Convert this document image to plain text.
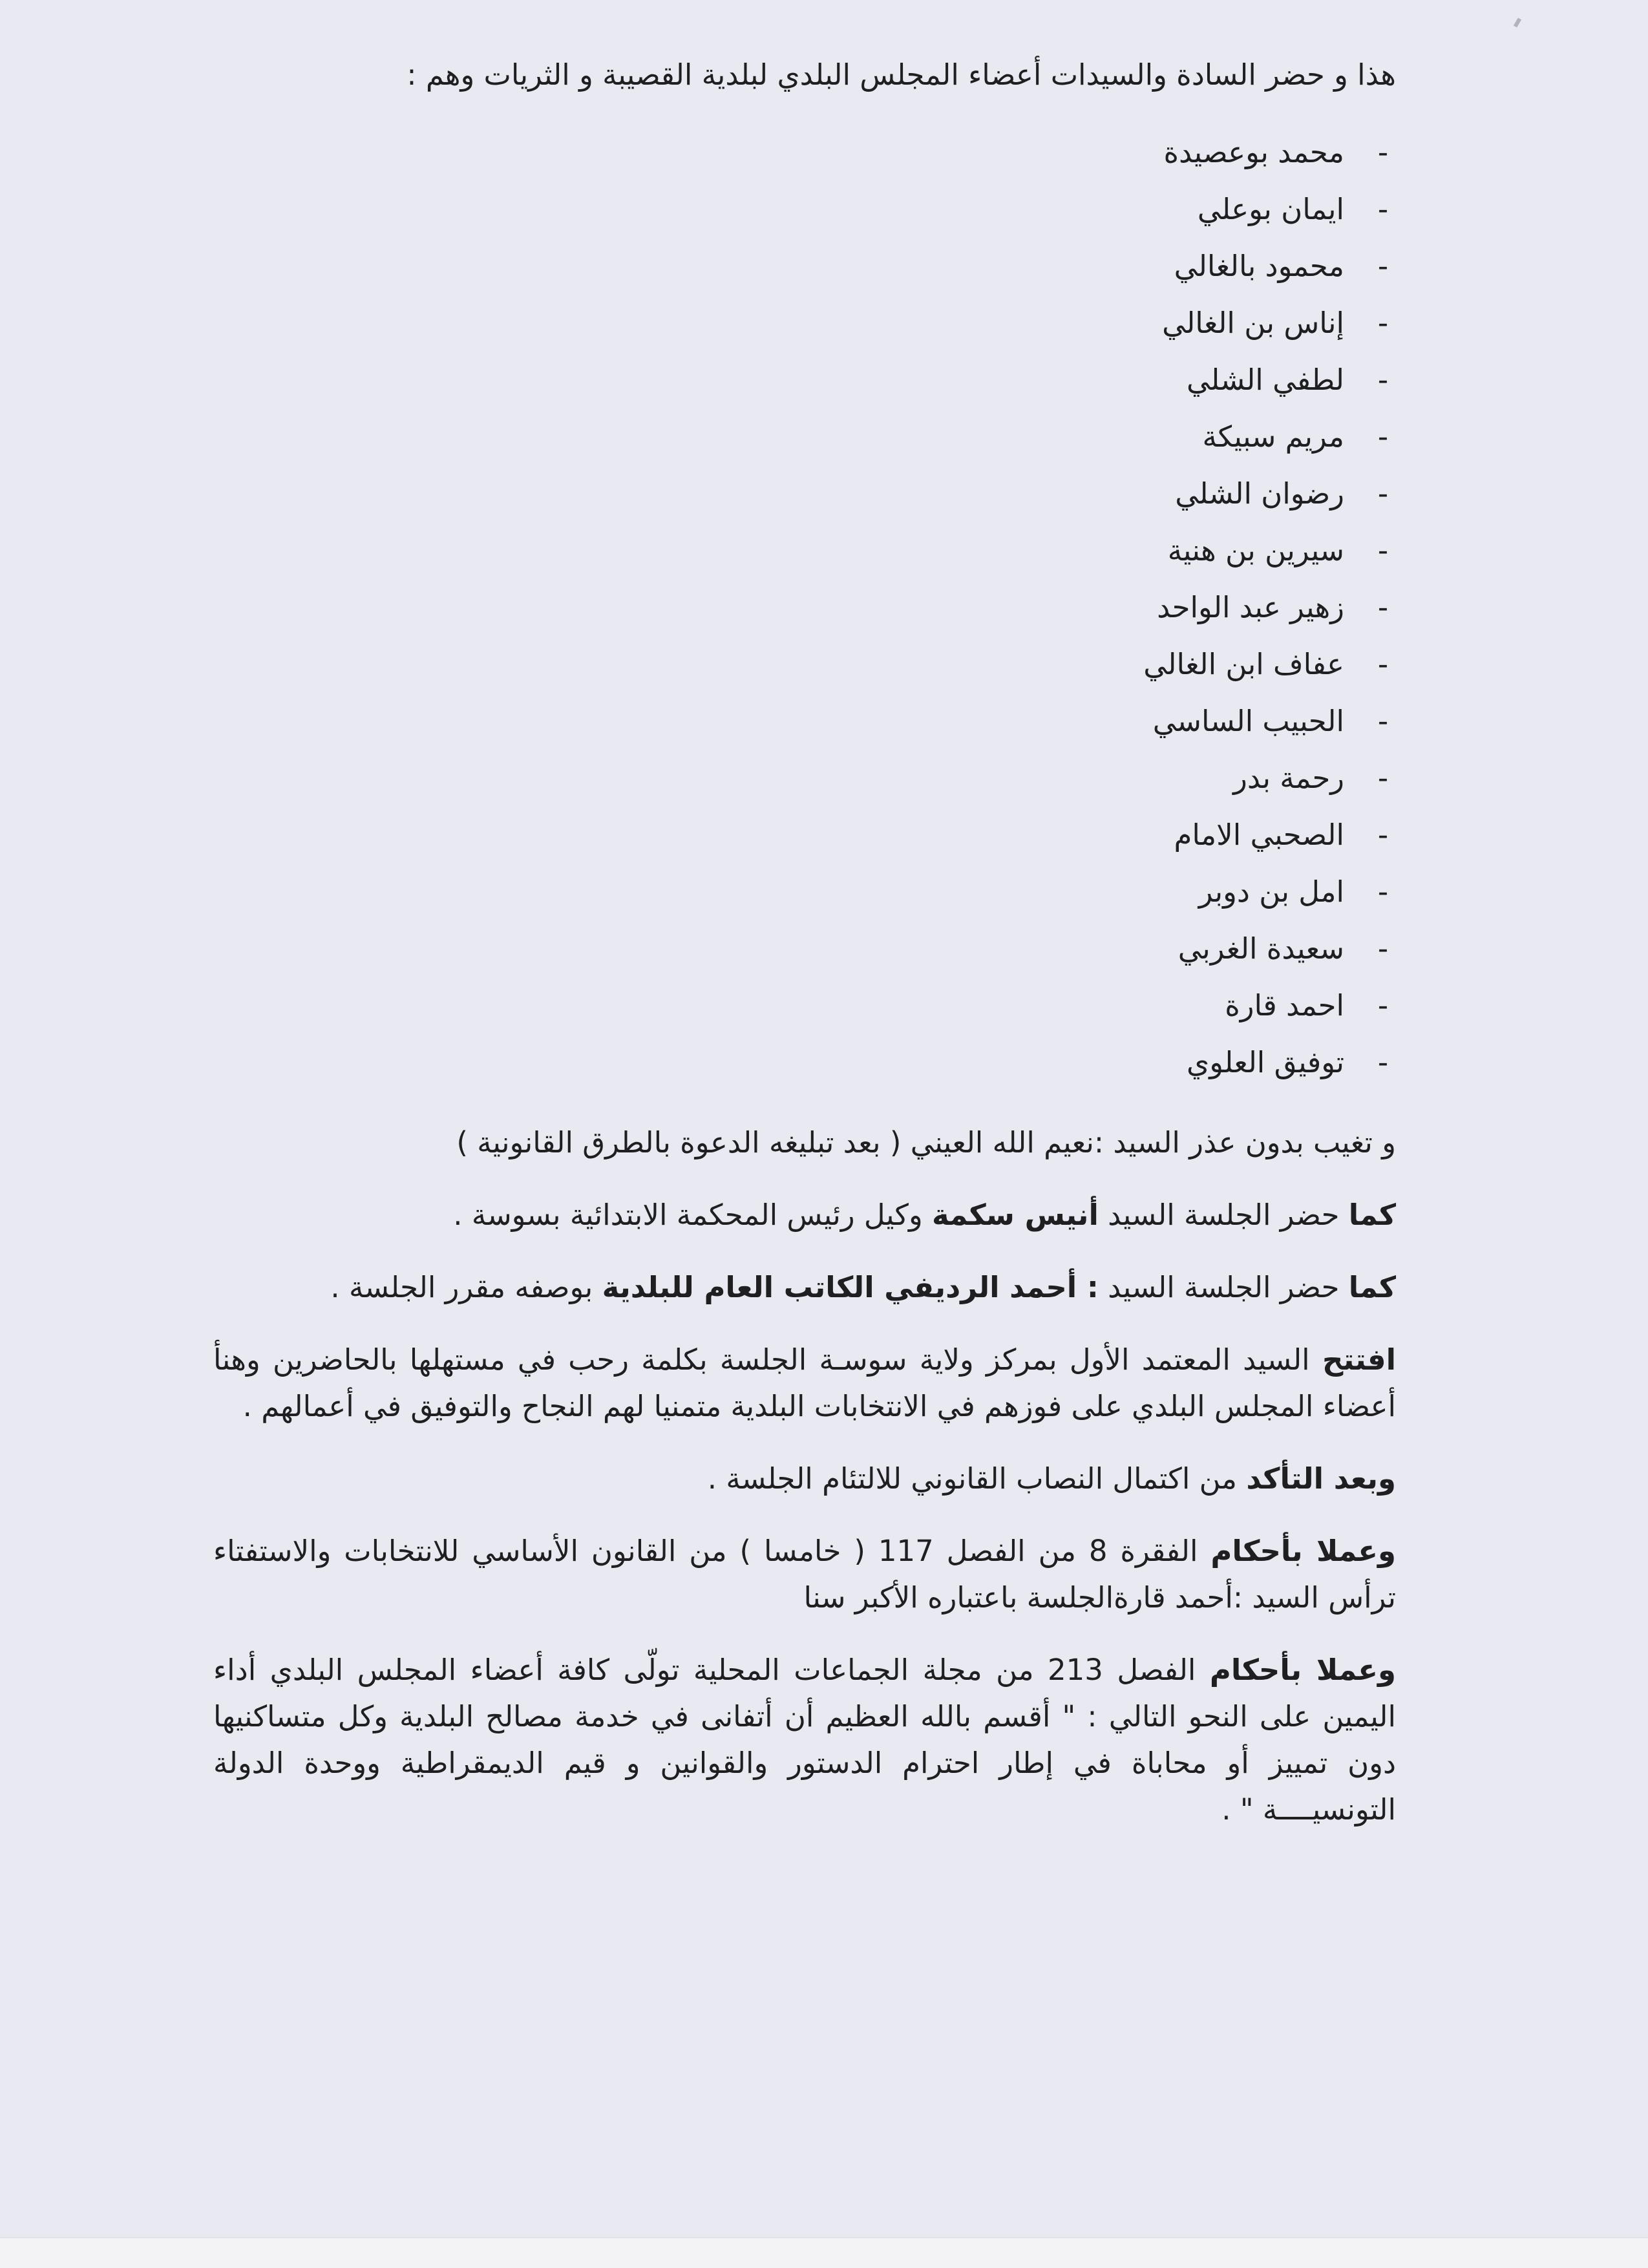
هذا و حضر السادة والسيدات أعضاء المجلس البلدي لبلدية القصيبة و الثريات وهم :

-
محمد بوعصيدة
-
ايمان بوعلي
-
محمود بالغالي
-
إناس بن الغالي
-
لطفي الشلي
-
مريم سبيكة
-
رضوان الشلي
-
سيرين بن هنية
-
زهير عبد الواحد
-
عفاف ابن الغالي
-
الحبيب الساسي
-
رحمة بدر
-
الصحبي الامام
-
امل بن دوبر
-
سعيدة الغربي
-
احمد قارة
-
توفيق العلوي

و تغيب بدون عذر السيد :نعيم الله العيني ( بعد تبليغه الدعوة بالطرق القانونية )

كما حضر الجلسة السيد أنيس سكمة وكيل رئيس المحكمة الابتدائية بسوسة .

كما حضر الجلسة السيد : أحمد الرديفي الكاتب العام للبلدية بوصفه مقرر الجلسة .

افتتح السيد المعتمد الأول بمركز ولاية سوسـة الجلسة بكلمة رحب في مستهلها بالحاضرين وهنأ أعضاء المجلس البلدي على فوزهم في الانتخابات البلدية متمنيا لهم النجاح والتوفيق في أعمالهم .

وبعد التأكد من اكتمال النصاب القانوني للالتئام الجلسة .

وعملا بأحكام الفقرة 8 من الفصل 117 ( خامسا ) من القانون الأساسي للانتخابات والاستفتاء ترأس السيد :أحمد قارةالجلسة باعتباره الأكبر سنا

وعملا بأحكام الفصل 213 من مجلة الجماعات المحلية تولّى كافة أعضاء المجلس البلدي أداء اليمين على النحو التالي : " أقسم بالله العظيم أن أتفانى في خدمة مصالح البلدية وكل متساكنيها دون تمييز أو محاباة في إطار احترام الدستور والقوانين و قيم الديمقراطية ووحدة الدولة التونسيــــة " .
